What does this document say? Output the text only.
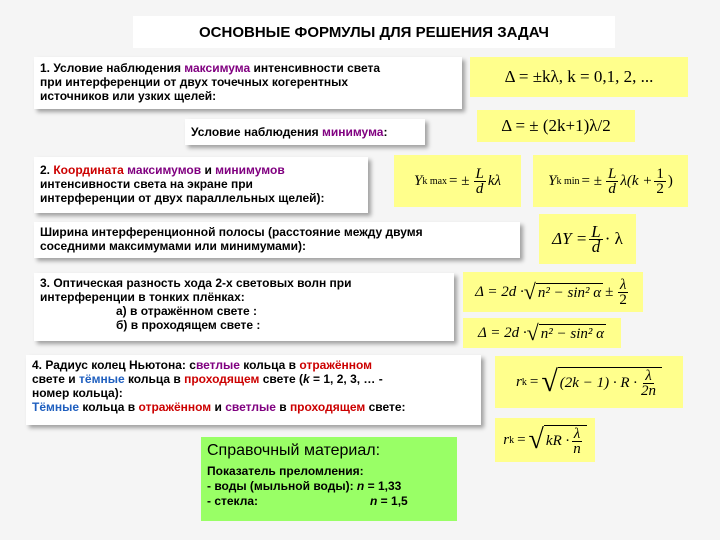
ОСНОВНЫЕ ФОРМУЛЫ ДЛЯ РЕШЕНИЯ ЗАДАЧ
1. Условие наблюдения максимума интенсивности света
при интерференции от двух точечных когерентных
источников или узких щелей:
Δ = ±kλ, k = 0,1, 2, ...
Условие наблюдения минимума:	Δ = ± (2k+1)λ/2
2. Координата максимумов и минимумов
интенсивности света на экране при
интерференции от двух параллельных щелей):
Y k max = ± $\frac{L}{d}$ kλ	Y k min = ± $\frac{L}{d}$ λ ($k + \frac{1}{2}$ )
Ширина интерференционной полосы (расстояние между двумя
соседними максимумами или минимумами):	$\Delta Y = \frac{L}{d} \cdot \lambda$
3. Оптическая разность хода 2-х световых волн при
интерференции в тонких плёнках:
а) в отражённом свете :
б) в проходящем свете :
Δ = 2d · √ n² − sin² $\alpha \pm \frac{\lambda}{2}$
Δ = 2d · √ n² − sin² α
4. Радиус колец Ньютона: светлые кольца в отражённом
свете и тёмные кольца в проходящем свете (k = 1, 2, 3, … -
номер кольца):
Тёмные кольца в отражённом и светлые в проходящем свете:
r k = √ $(2k - 1) \cdot R \cdot \frac{\lambda}{2n}$
r k = √ kR · $\frac{\lambda}{n}$
Справочный материал:
Показатель преломления:
- воды (мыльной воды): n = 1,33
- стекла:	n = 1,5
